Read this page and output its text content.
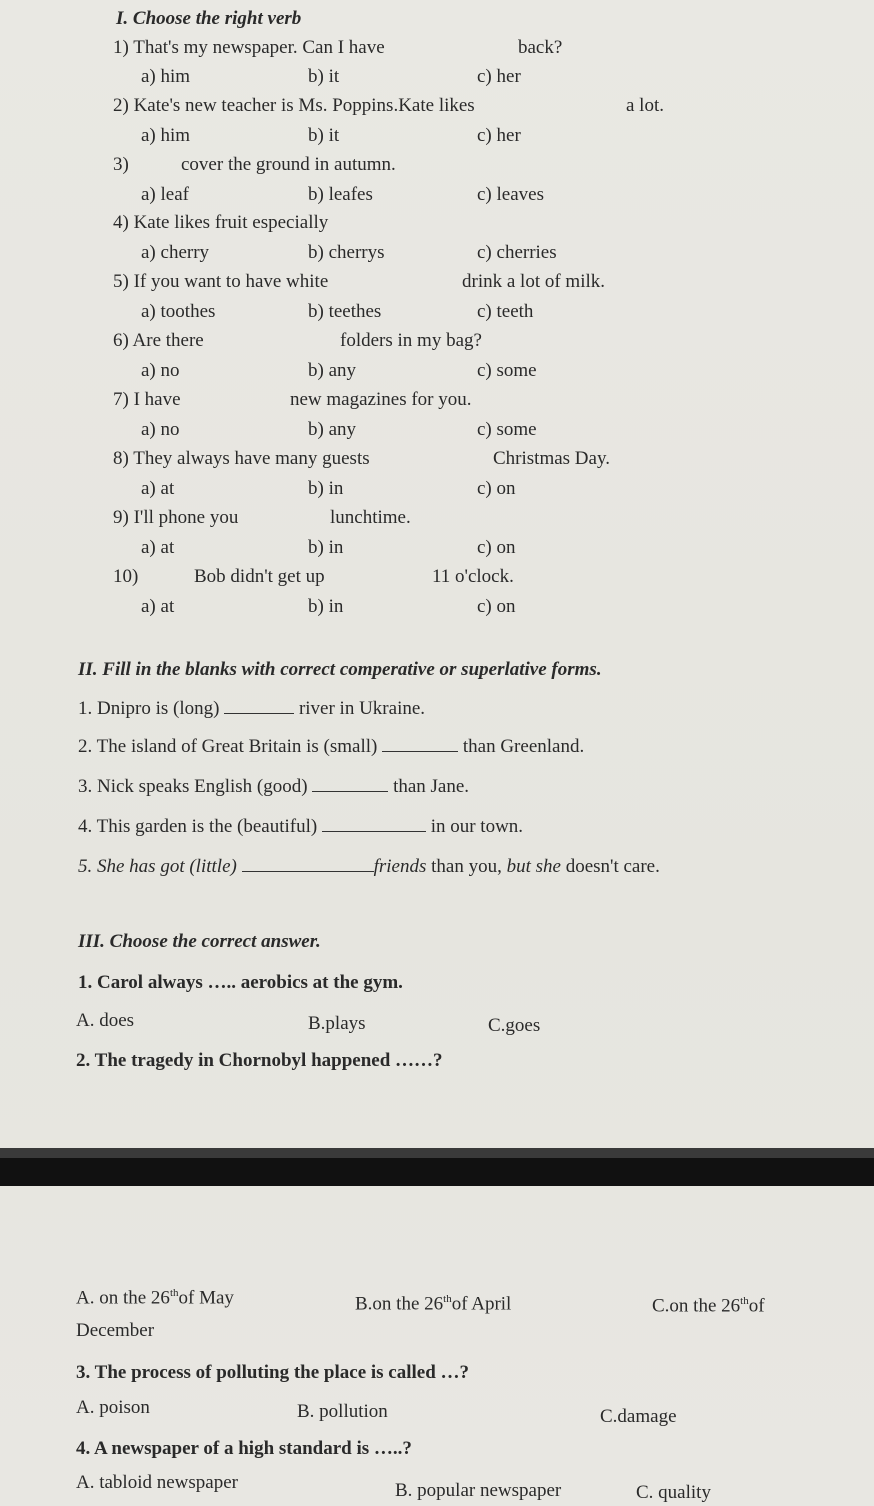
I. Choose the right verb
1) That's my newspaper. Can I have	back?
a) him	b) it	c) her
2) Kate's new teacher is Ms. Poppins.Kate likes	a lot.
a) him	b) it	c) her
3)	cover the ground in autumn.
a) leaf	b) leafes	c) leaves
4) Kate likes fruit especially
a) cherry	b) cherrys	c) cherries
5) If you want to have white	drink a lot of milk.
a) toothes	b) teethes	c) teeth
6) Are there	folders in my bag?
a) no	b) any	c) some
7) I have	new magazines for you.
a) no	b) any	c) some
8) They always have many guests	Christmas Day.
a) at	b) in	c) on
9) I'll phone you	lunchtime.
a) at	b) in	c) on
10)	Bob didn't get up	11 o'clock.
a) at	b) in	c) on
II. Fill in the blanks with correct comperative or superlative forms.
1. Dnipro is (long)	river in Ukraine.
2. The island of Great Britain is (small)	than Greenland.
3. Nick speaks English (good)	than Jane.
4. This garden is the (beautiful)	in our town.
5. She has got (little)	friends than you, but she doesn't care.
III. Choose the correct answer.
1. Carol always ….. aerobics at the gym.
A. does	B.plays	C.goes
2. The tragedy in Chornobyl happened ……?
A. on the 26thof May	B.on the 26thof April	C.on the 26thof
December
3. The process of polluting the place is called …?
A. poison	B. pollution	C.damage
4. A newspaper of a high standard is …..?
A. tabloid newspaper	B. popular newspaper	C. quality
